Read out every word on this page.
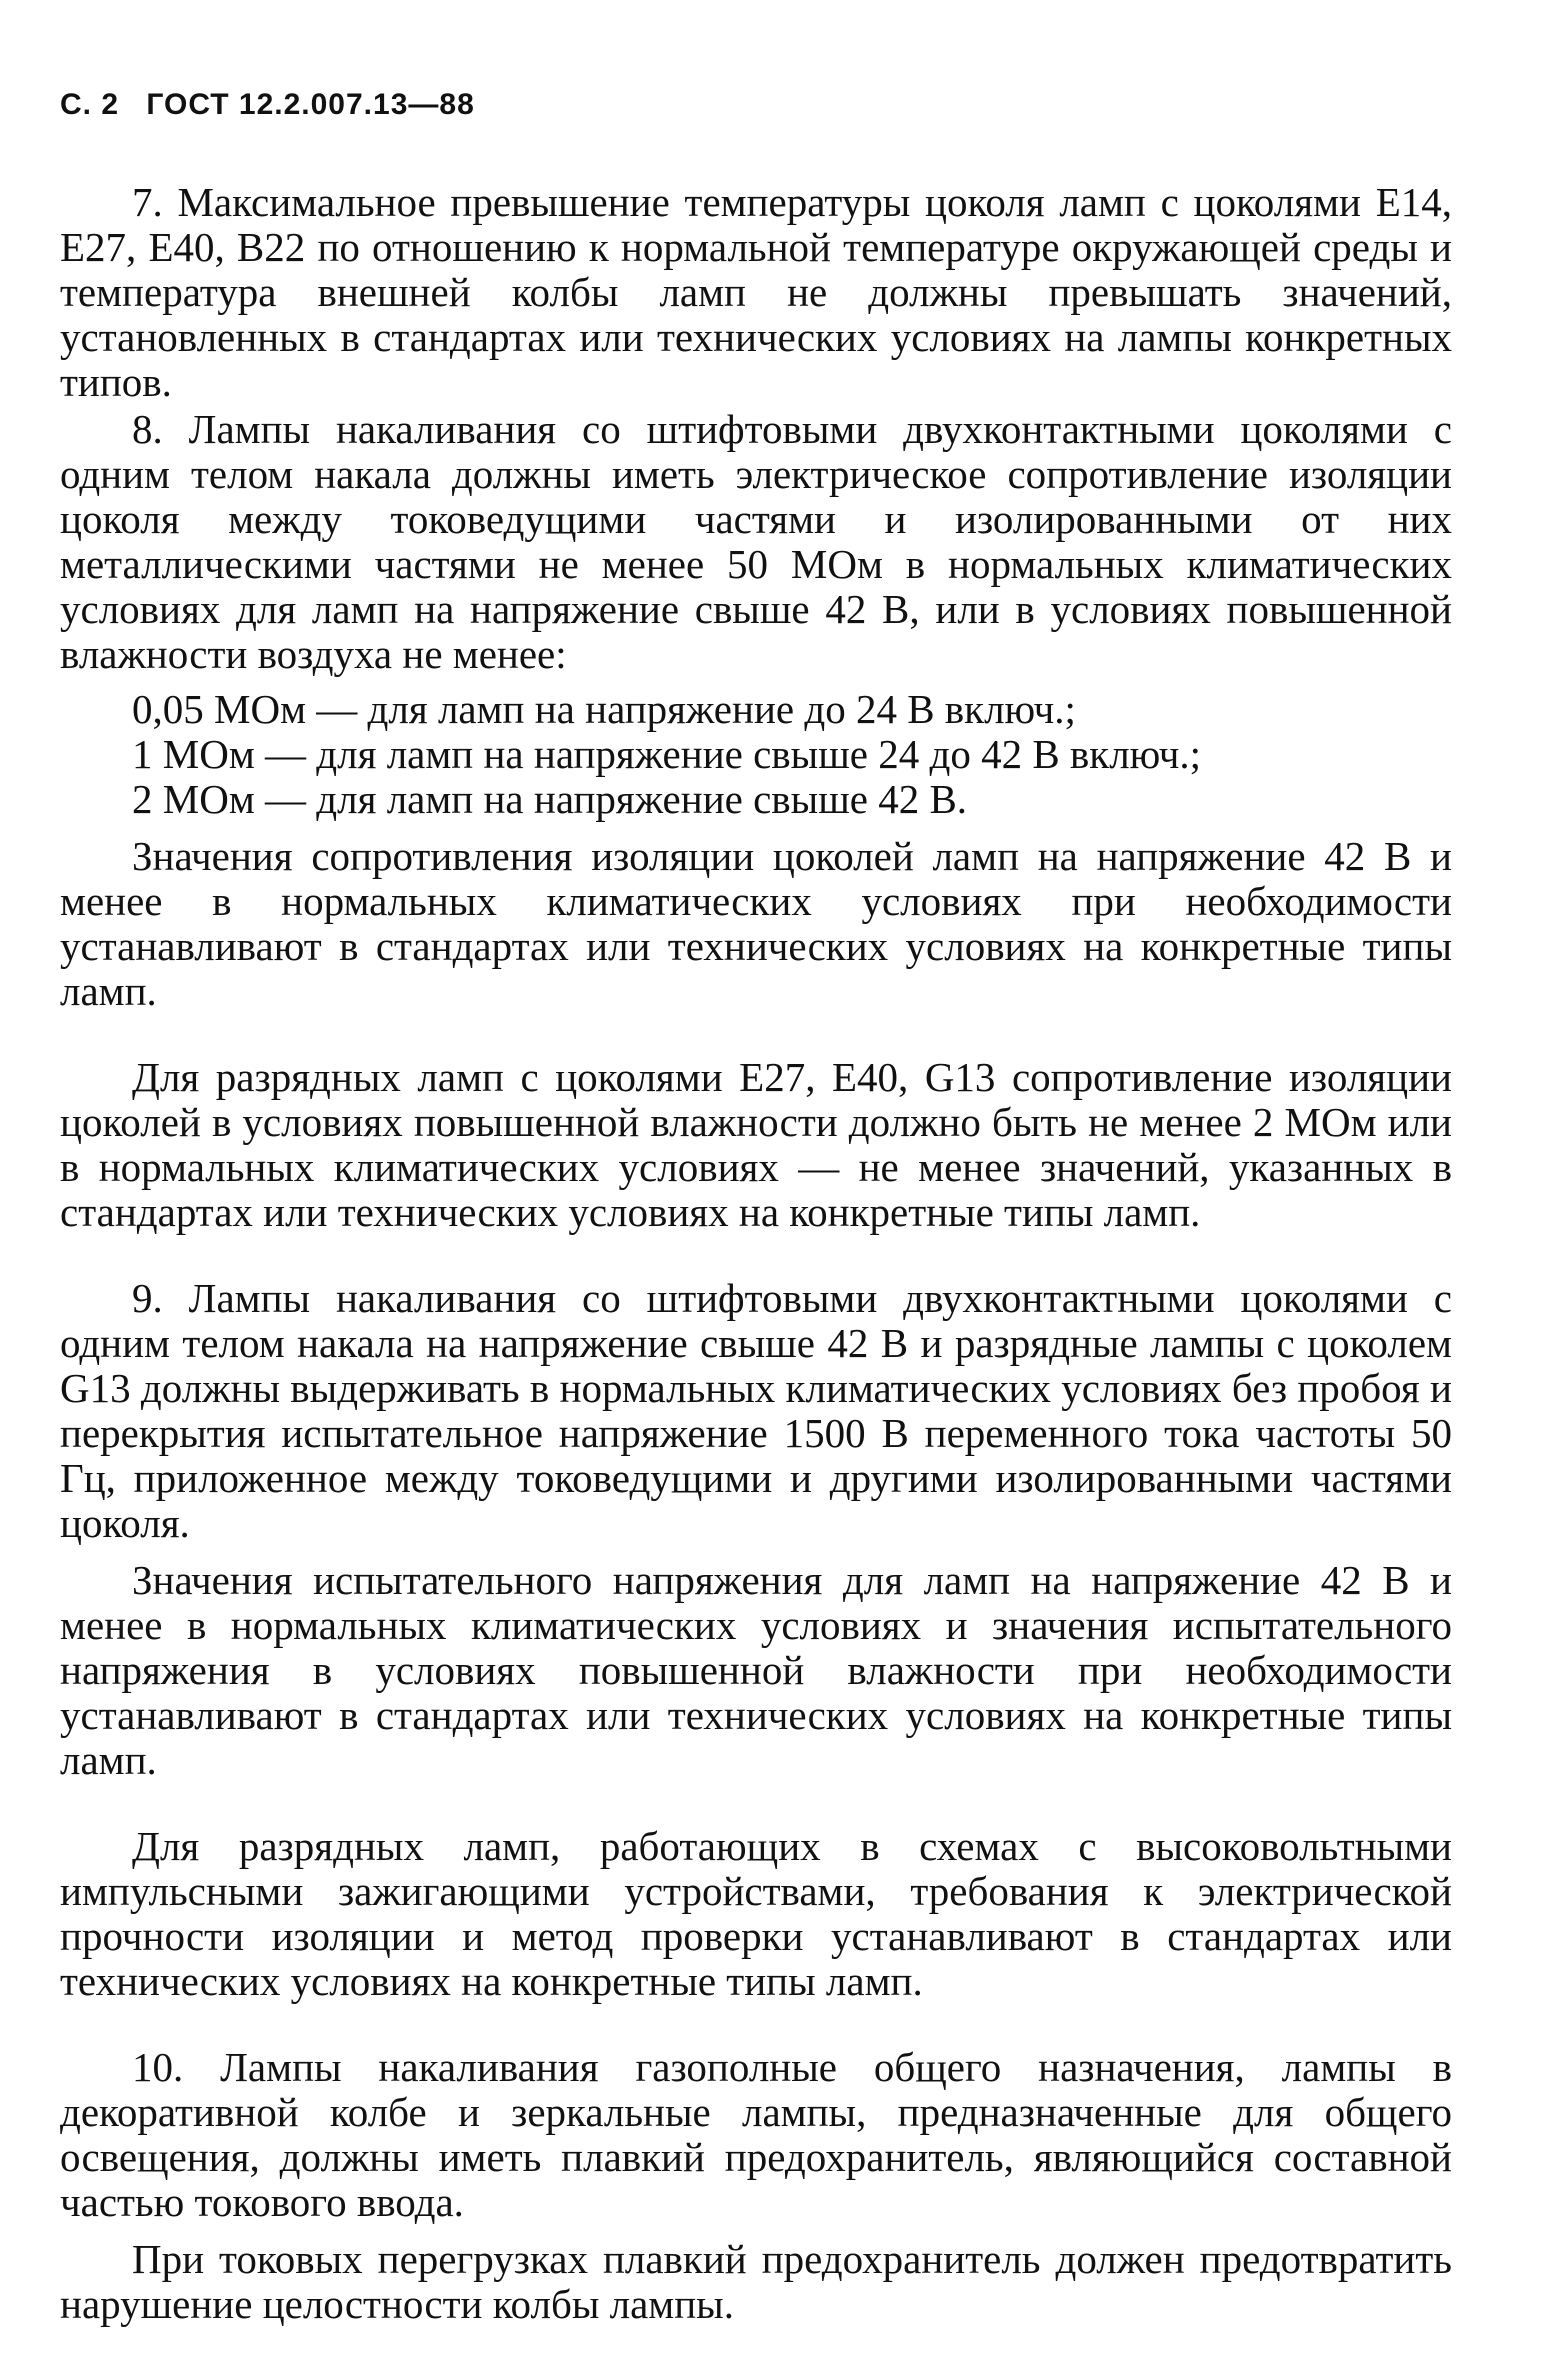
С. 2 ГОСТ 12.2.007.13—88

7. Максимальное превышение температуры цоколя ламп с цоколями Е14, Е27, Е40, В22 по отношению к нормальной температуре окружающей среды и температура внешней колбы ламп не должны превышать значений, установленных в стандартах или технических условиях на лампы конкретных типов.

8. Лампы накаливания со штифтовыми двухконтактными цоколями с одним телом накала должны иметь электрическое сопротивление изоляции цоколя между токоведущими частями и изолированными от них металлическими частями не менее 50 МОм в нормальных климатических условиях для ламп на напряжение свыше 42 В, или в условиях повышенной влажности воздуха не менее:

0,05 МОм — для ламп на напряжение до 24 В включ.;
1 МОм — для ламп на напряжение свыше 24 до 42 В включ.;
2 МОм — для ламп на напряжение свыше 42 В.

Значения сопротивления изоляции цоколей ламп на напряжение 42 В и менее в нормальных климатических условиях при необходимости устанавливают в стандартах или технических условиях на конкретные типы ламп.

Для разрядных ламп с цоколями Е27, Е40, G13 сопротивление изоляции цоколей в условиях повышенной влажности должно быть не менее 2 МОм или в нормальных климатических условиях — не менее значений, указанных в стандартах или технических условиях на конкретные типы ламп.

9. Лампы накаливания со штифтовыми двухконтактными цоколями с одним телом накала на напряжение свыше 42 В и разрядные лампы с цоколем G13 должны выдерживать в нормальных климатических условиях без пробоя и перекрытия испытательное напряжение 1500 В переменного тока частоты 50 Гц, приложенное между токоведущими и другими изолированными частями цоколя.

Значения испытательного напряжения для ламп на напряжение 42 В и менее в нормальных климатических условиях и значения испытательного напряжения в условиях повышенной влажности при необходимости устанавливают в стандартах или технических условиях на конкретные типы ламп.

Для разрядных ламп, работающих в схемах с высоковольтными импульсными зажигающими устройствами, требования к электрической прочности изоляции и метод проверки устанавливают в стандартах или технических условиях на конкретные типы ламп.

10. Лампы накаливания газополные общего назначения, лампы в декоративной колбе и зеркальные лампы, предназначенные для общего освещения, должны иметь плавкий предохранитель, являющийся составной частью токового ввода.

При токовых перегрузках плавкий предохранитель должен предотвратить нарушение целостности колбы лампы.
